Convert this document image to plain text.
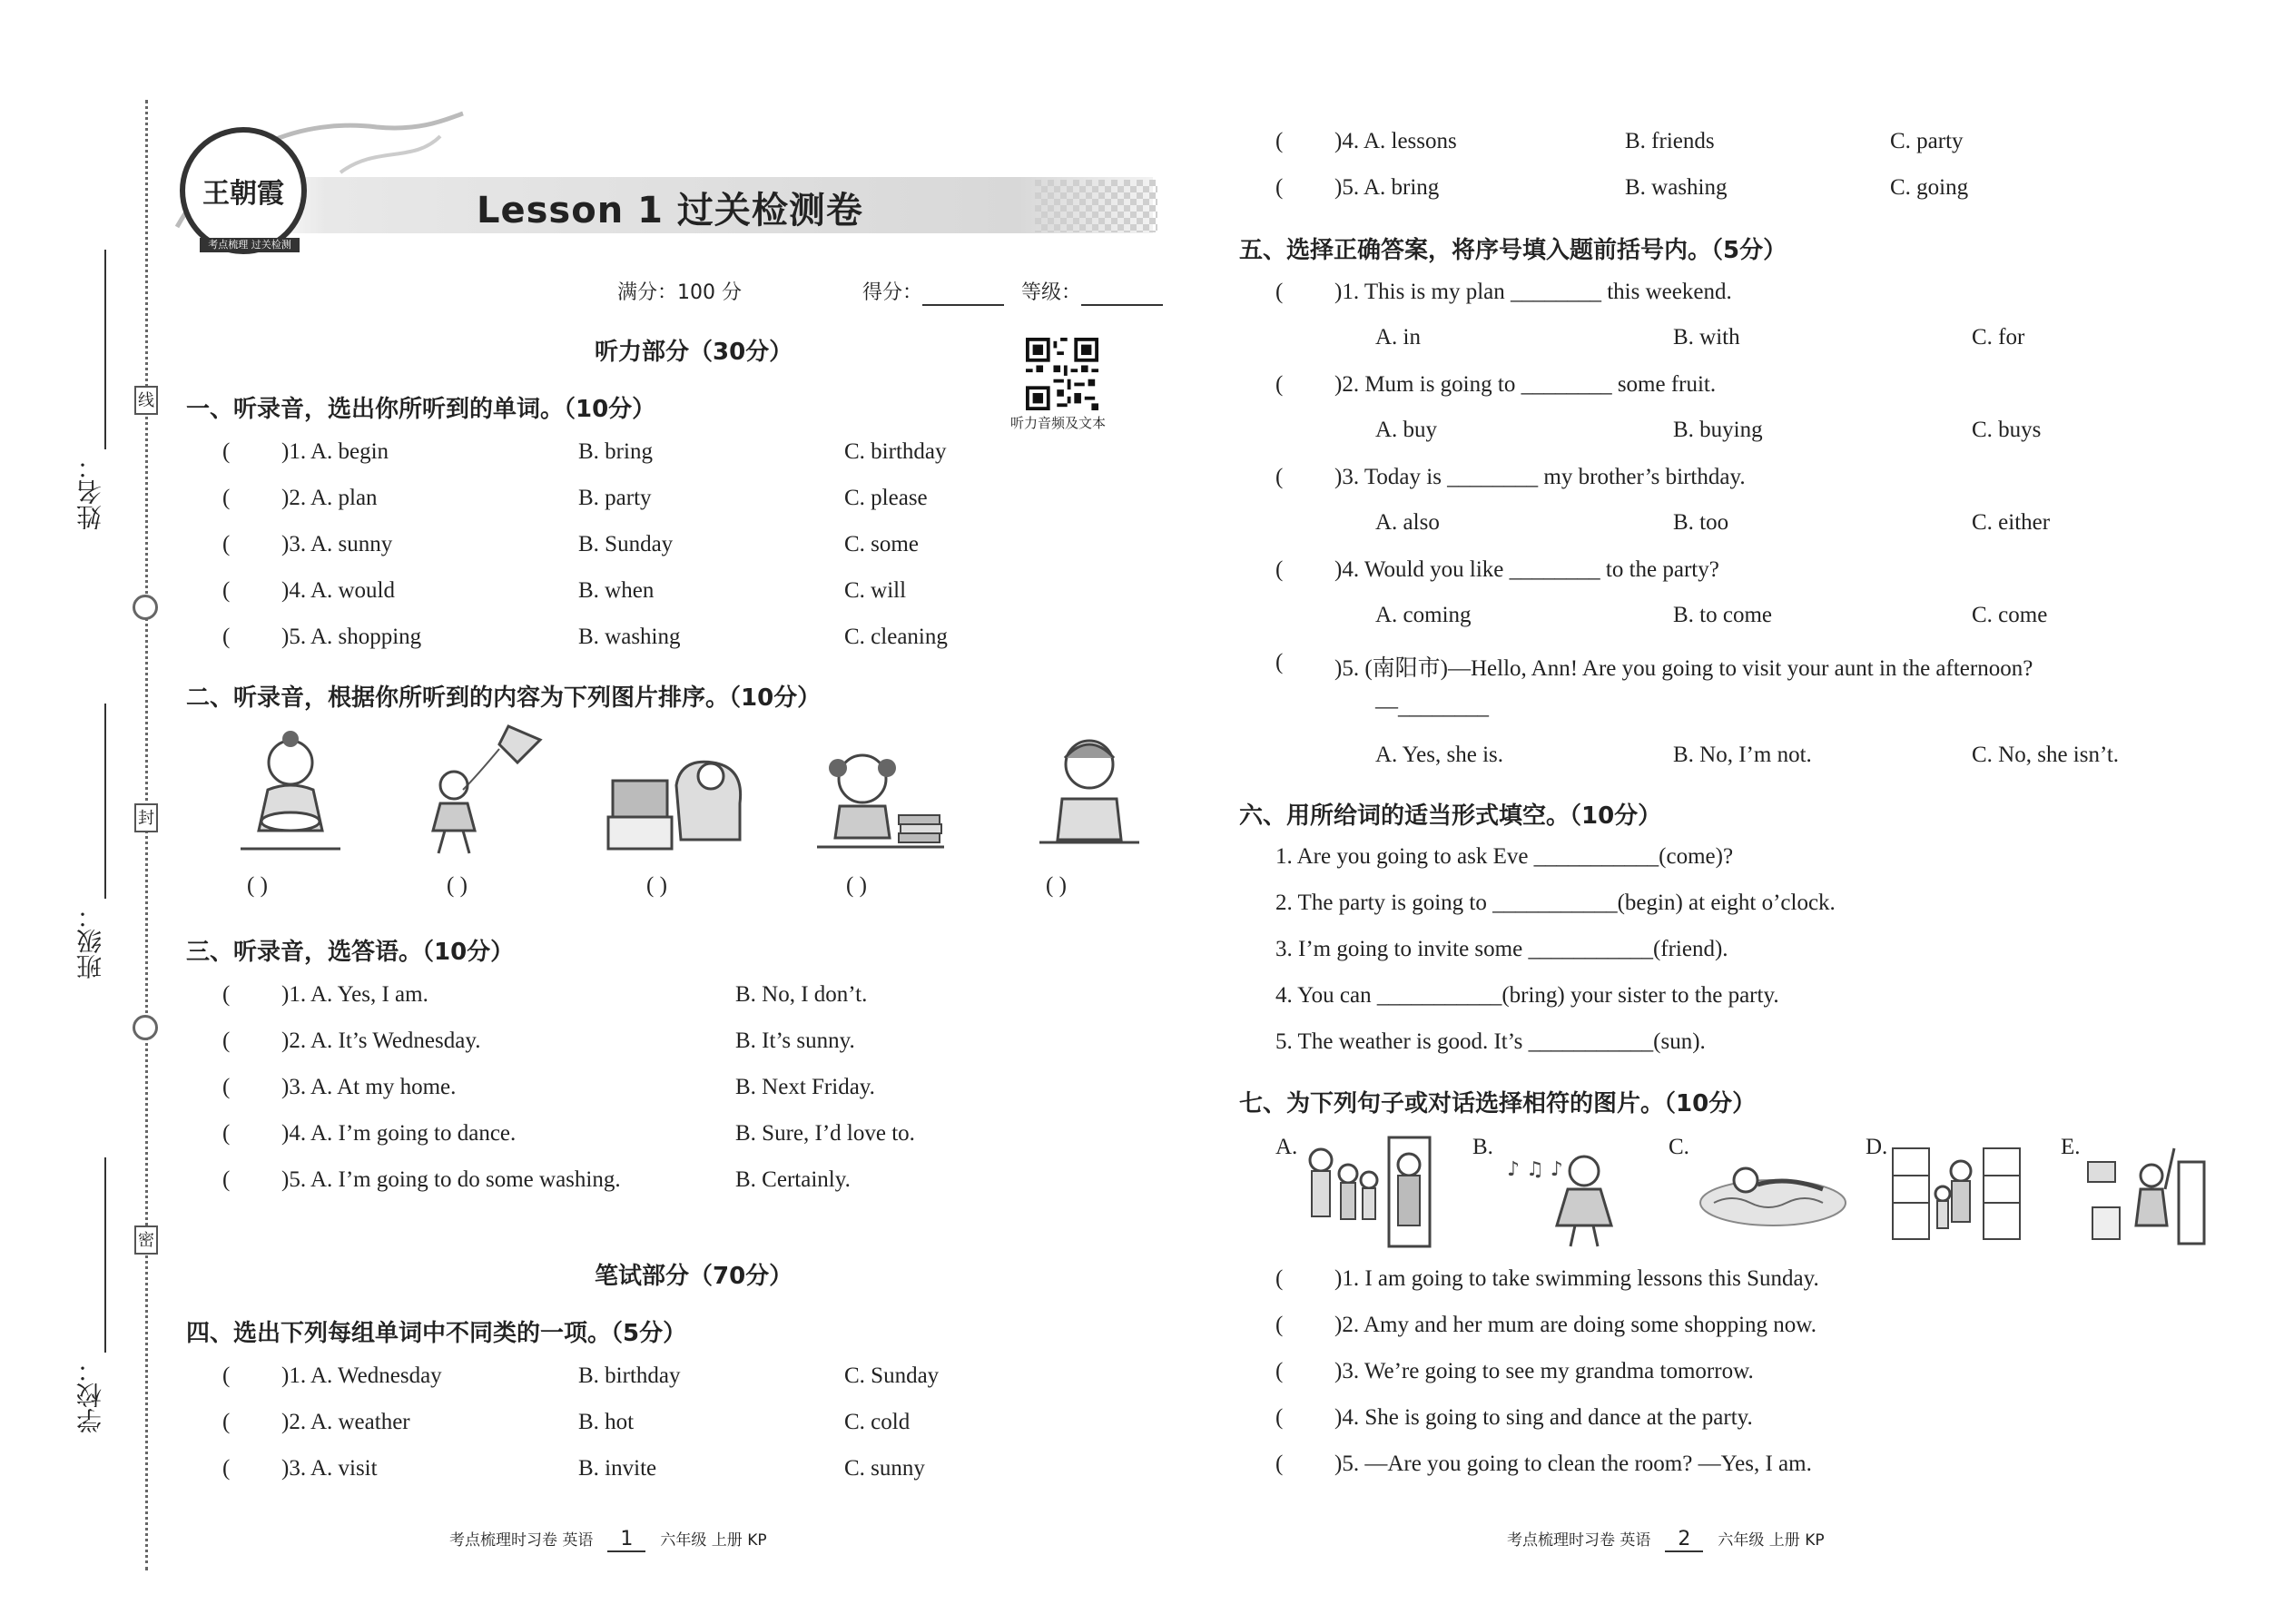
线
封
密
姓名：
班级：
学校：
王朝霞
考点梳理 过关检测
Lesson 1 过关检测卷
满分：100 分	得分：	等级：
听力音频及文本
听力部分（30分）
一、听录音，选出你所听到的单词。（10分）
( )1. A. begin	B. bring	C. birthday
( )2. A. plan	B. party	C. please
( )3. A. sunny	B. Sunday	C. some
( )4. A. would	B. when	C. will
( )5. A. shopping	B. washing	C. cleaning
二、听录音，根据你所听到的内容为下列图片排序。（10分）
( )	( )	( )	( )	( )
三、听录音，选答语。（10分）
( )1. A. Yes, I am.	B. No, I don’t.
( )2. A. It’s Wednesday.	B. It’s sunny.
( )3. A. At my home.	B. Next Friday.
( )4. A. I’m going to dance.	B. Sure, I’d love to.
( )5. A. I’m going to do some washing.	B. Certainly.
笔试部分（70分）
四、选出下列每组单词中不同类的一项。（5分）
( )1. A. Wednesday	B. birthday	C. Sunday
( )2. A. weather	B. hot	C. cold
( )3. A. visit	B. invite	C. sunny
( )4. A. lessons	B. friends	C. party
( )5. A. bring	B. washing	C. going
五、选择正确答案，将序号填入题前括号内。（5分）
( )1. This is my plan ________ this weekend.
A. in	B. with	C. for
( )2. Mum is going to ________ some fruit.
A. buy	B. buying	C. buys
( )3. Today is ________ my brother’s birthday.
A. also	B. too	C. either
( )4. Would you like ________ to the party?
A. coming	B. to come	C. come
( )5. (南阳市)—Hello, Ann! Are you going to visit your aunt in the afternoon?
—________
A. Yes, she is.	B. No, I’m not.	C. No, she isn’t.
六、用所给词的适当形式填空。（10分）
1. Are you going to ask Eve ___________(come)?
2. The party is going to ___________(begin) at eight o’clock.
3. I’m going to invite some ___________(friend).
4. You can ___________(bring) your sister to the party.
5. The weather is good. It’s ___________(sun).
七、为下列句子或对话选择相符的图片。（10分）
A.	B.	C.	D.	E.
♪ ♫ ♪
( )1. I am going to take swimming lessons this Sunday.
( )2. Amy and her mum are doing some shopping now.
( )3. We’re going to see my grandma tomorrow.
( )4. She is going to sing and dance at the party.
( )5. —Are you going to clean the room? —Yes, I am.
考点梳理时习卷 英语 1 六年级 上册 KP	考点梳理时习卷 英语 2 六年级 上册 KP
